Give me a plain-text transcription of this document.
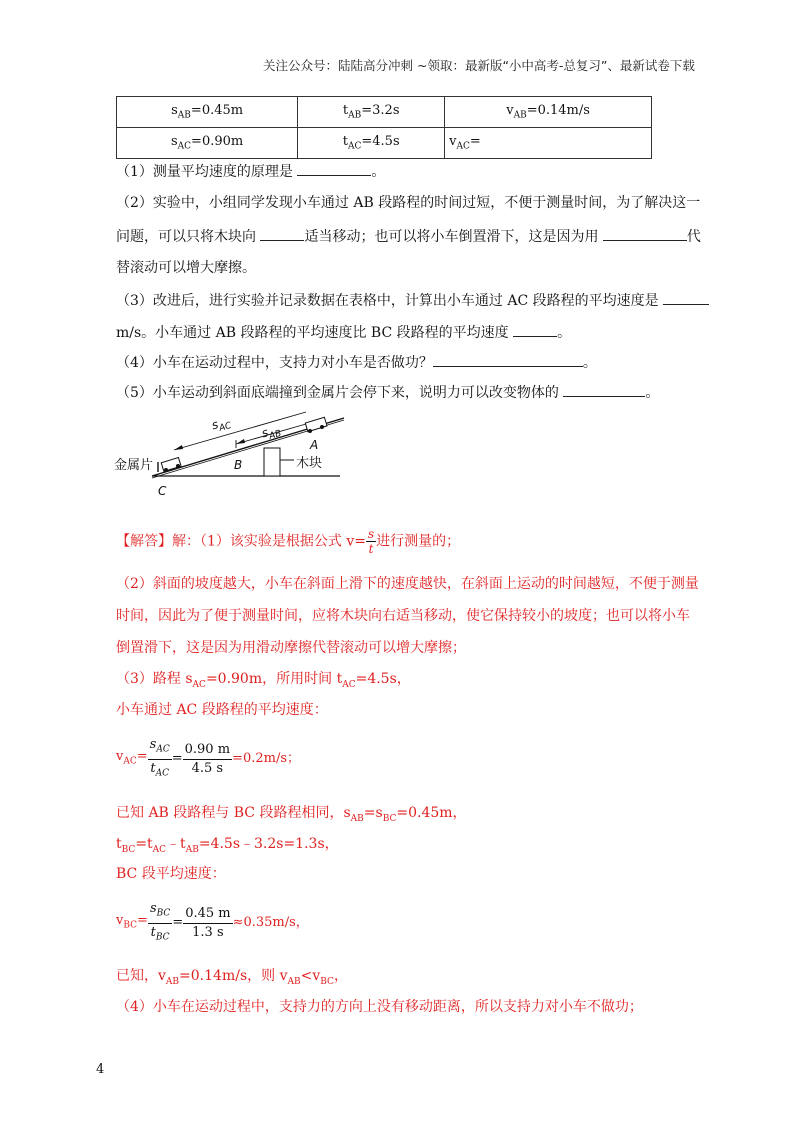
关注公众号：陆陆高分冲刺 ~领取：最新版“小中高考-总复习”、最新试卷下载
$s_{AB}=0.45m$	$t_{AB}=3.2s$	$v_{AB}=0.14m/s$
$s_{AC}=0.90m$	$t_{AC}=4.5s$	$v_{AC}=$
（1）测量平均速度的原理是	。
（2）实验中，小组同学发现小车通过 AB 段路程的时间过短，不便于测量时间，为了解决这一
问题，可以只将木块向	适当移动；也可以将小车倒置滑下，这是因为用	代
替滚动可以增大摩擦。
（3）改进后，进行实验并记录数据在表格中，计算出小车通过 AC 段路程的平均速度是
m/s。小车通过 AB 段路程的平均速度比 BC 段路程的平均速度	。
（4）小车在运动过程中，支持力对小车是否做功？	。
（5）小车运动到斜面底端撞到金属片会停下来，说明力可以改变物体的	。
$s_{AC}$ $s_{AB}$
A
B
C
金属片	木块
【解答】解：（1）该实验是根据公式 $v= \frac{s}{t}$ 进行测量的；
（2）斜面的坡度越大，小车在斜面上滑下的速度越快，在斜面上运动的时间越短，不便于测量
时间，因此为了便于测量时间，应将木块向右适当移动，使它保持较小的坡度；也可以将小车
倒置滑下，这是因为用滑动摩擦代替滚动可以增大摩擦；
（3）路程 $s_{AC}=0.90m$，所用时间 $t_{AC}=4.5s$，
小车通过 AC 段路程的平均速度：
$v_{AC}= \frac{s_{AC}}{t_{AC}} = \frac{0.90 m}{4.5 s} =0.2m/s$；
已知 AB 段路程与 BC 段路程相同，$s_{AB}=s_{BC}=0.45m$，
$t_{BC}=t_{AC}﹣t_{AB}=4.5s﹣3.2s=1.3s$，
BC 段平均速度：
$v_{BC}= \frac{s_{BC}}{t_{BC}} = \frac{0.45 m}{1.3 s} \approx 0.35m/s$，
已知，$v_{AB}=0.14m/s$，则 $v_{AB}<v_{BC}$，
（4）小车在运动过程中，支持力的方向上没有移动距离，所以支持力对小车不做功；
4
